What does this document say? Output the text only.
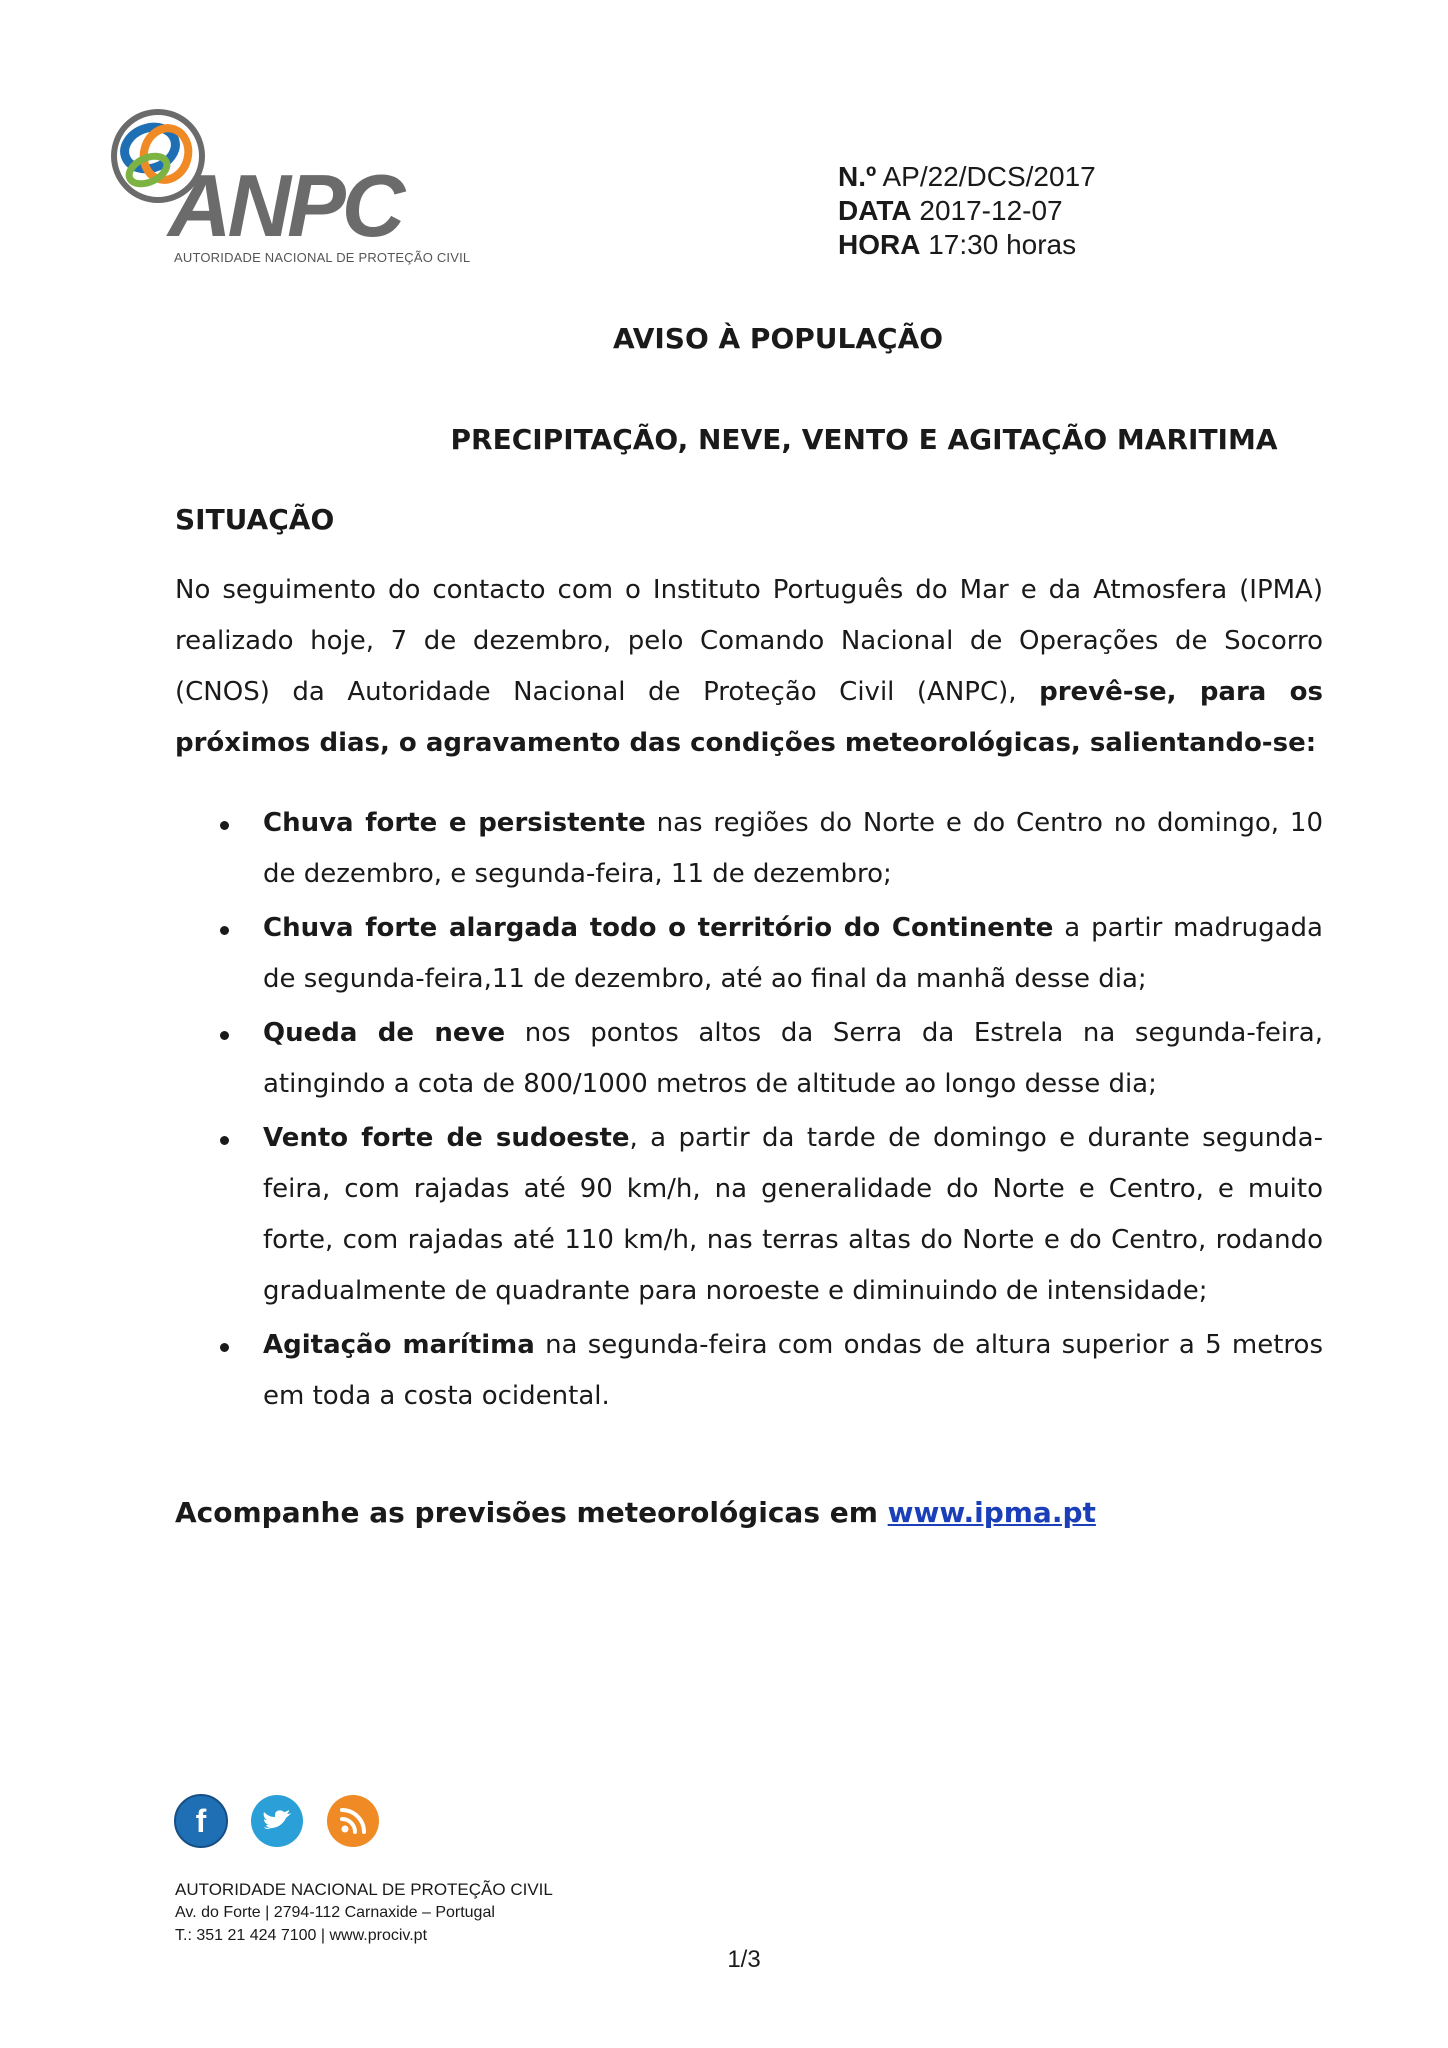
ANPC
AUTORIDADE NACIONAL DE PROTEÇÃO CIVIL
N.º AP/22/DCS/2017
DATA 2017-12-07
HORA 17:30 horas
AVISO À POPULAÇÃO
PRECIPITAÇÃO, NEVE, VENTO E AGITAÇÃO MARITIMA
SITUAÇÃO

No seguimento do contacto com o Instituto Português do Mar e da Atmosfera (IPMA) realizado hoje, 7 de dezembro, pelo Comando Nacional de Operações de Socorro (CNOS) da Autoridade Nacional de Proteção Civil (ANPC), prevê-se, para os próximos dias, o agravamento das condições meteorológicas, salientando-se:

Chuva forte e persistente nas regiões do Norte e do Centro no domingo, 10 de dezembro, e segunda-feira, 11 de dezembro;
Chuva forte alargada todo o território do Continente a partir madrugada de segunda-feira,11 de dezembro, até ao final da manhã desse dia;
Queda de neve nos pontos altos da Serra da Estrela na segunda-feira, atingindo a cota de 800/1000 metros de altitude ao longo desse dia;
Vento forte de sudoeste, a partir da tarde de domingo e durante segunda-feira, com rajadas até 90 km/h, na generalidade do Norte e Centro, e muito forte, com rajadas até 110 km/h, nas terras altas do Norte e do Centro, rodando gradualmente de quadrante para noroeste e diminuindo de intensidade;
Agitação marítima na segunda-feira com ondas de altura superior a 5 metros em toda a costa ocidental.
Acompanhe as previsões meteorológicas em www.ipma.pt
f
AUTORIDADE NACIONAL DE PROTEÇÃO CIVIL
Av. do Forte | 2794-112 Carnaxide – Portugal
T.: 351 21 424 7100 | www.prociv.pt
1/3
